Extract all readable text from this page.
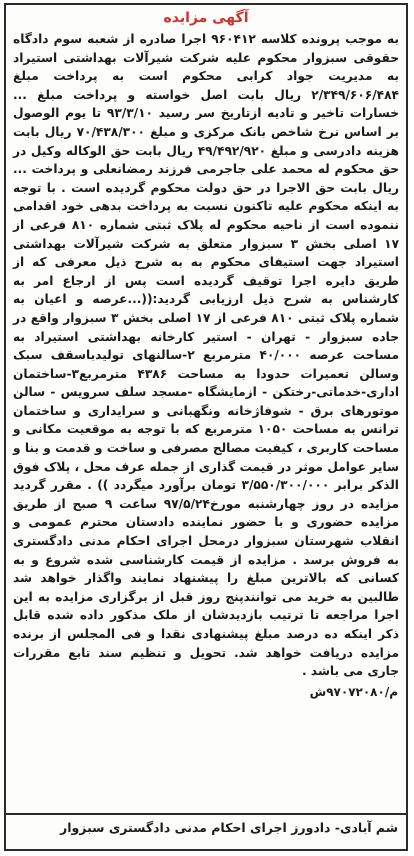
آگهی مزایده
به موجب پرونده کلاسه ۹۶۰۴۱۲ اجرا صادره از شعبه سوم دادگاه حقوقی سبزوار محکوم علیه شرکت شیرآلات بهداشتی استیراد به مدیریت جواد کرابی محکوم است به پرداخت مبلغ ۲/۳۴۹/۶۰۶/۴۸۴ ریال بابت اصل خواسته و پرداخت مبلغ ... خسارات تاخیر و تادیه ازتاریخ سر رسید ۹۳/۳/۱۰ تا یوم الوصول بر اساس نرخ شاخص بانک مرکزی و مبلغ ۷۰/۴۳۸/۳۰۰ ریال بابت هزینه دادرسی و مبلغ ۴۹/۴۹۲/۹۲۰ ریال بابت حق الوکاله وکیل در حق محکوم له محمد علی جاجرمی فرزند رمضانعلی و پرداخت ... ریال بابت حق الاجرا در حق دولت محکوم گردیده است . با توجه به اینکه محکوم علیه تاکنون نسبت به پرداخت بدهی خود اقدامی ننموده است از ناحیه محکوم له پلاک ثبتی شماره ۸۱۰ فرعی از ۱۷ اصلی بخش ۳ سبزوار متعلق به شرکت شیرآلات بهداشتی استیراد جهت استیفای محکوم به به شرح ذیل معرفی که از طریق دایره اجرا توقیف گردیده است پس از ارجاع امر به کارشناس به شرح ذیل ارزیابی گردید:((...عرصه و اعیان به شماره پلاک ثبتی ۸۱۰ فرعی از ۱۷ اصلی بخش ۳ سبزوار واقع در جاده سبزوار - تهران - استیر کارخانه بهداشتی استیراد به مساحت عرصه ۴۰/۰۰۰ مترمربع ۲-سالنهای تولیدباسقف سبک وسالن تعمیرات حدودا به مساحت ۴۳۸۶ مترمربع۳-ساختمان اداری-خدماتی-رختکن - ازمایشگاه -مسجد سلف سرویس - سالن موتورهای برق - شوفاژخانه ونگهبانی و سرایداری و ساختمان ترانس به مساحت ۱۰۵۰ مترمربع که با توجه به موقعیت مکانی و مساحت کاربری ، کیفیت مصالح مصرفی و ساخت و قدمت و بنا و سایر عوامل موثر در قیمت گذاری از جمله عرف محل ، پلاک فوق الذکر برابر ۳/۵۵۰/۳۰۰/۰۰۰ تومان برآورد میگردد )) . مقرر گردید مزایده در روز چهارشنبه مورخ۹۷/۵/۲۴ ساعت ۹ صبح از طریق مزایده حضوری و با حضور نماینده دادستان محترم عمومی و انقلاب شهرستان سبزوار درمحل اجرای احکام مدنی دادگستری به فروش برسد . مزایده از قیمت کارشناسی شده شروع و به کسانی که بالاترین مبلغ را پیشنهاد نمایند واگذار خواهد شد طالبین به خرید می توانندپنج روز قبل از برگزاری مزایده به این اجرا مراجعه تا ترتیب بازدیدشان از ملک مذکور داده شده قابل ذکر اینکه ده درصد مبلغ پیشنهادی نقدا و فی المجلس از برنده مزایده دریافت خواهد شد. تحویل و تنظیم سند تابع مقررات جاری می باشد .
م/۹۷۰۷۲۰۸۰ش
شم آبادی- دادورز اجرای احکام مدنی دادگستری سبزوار
